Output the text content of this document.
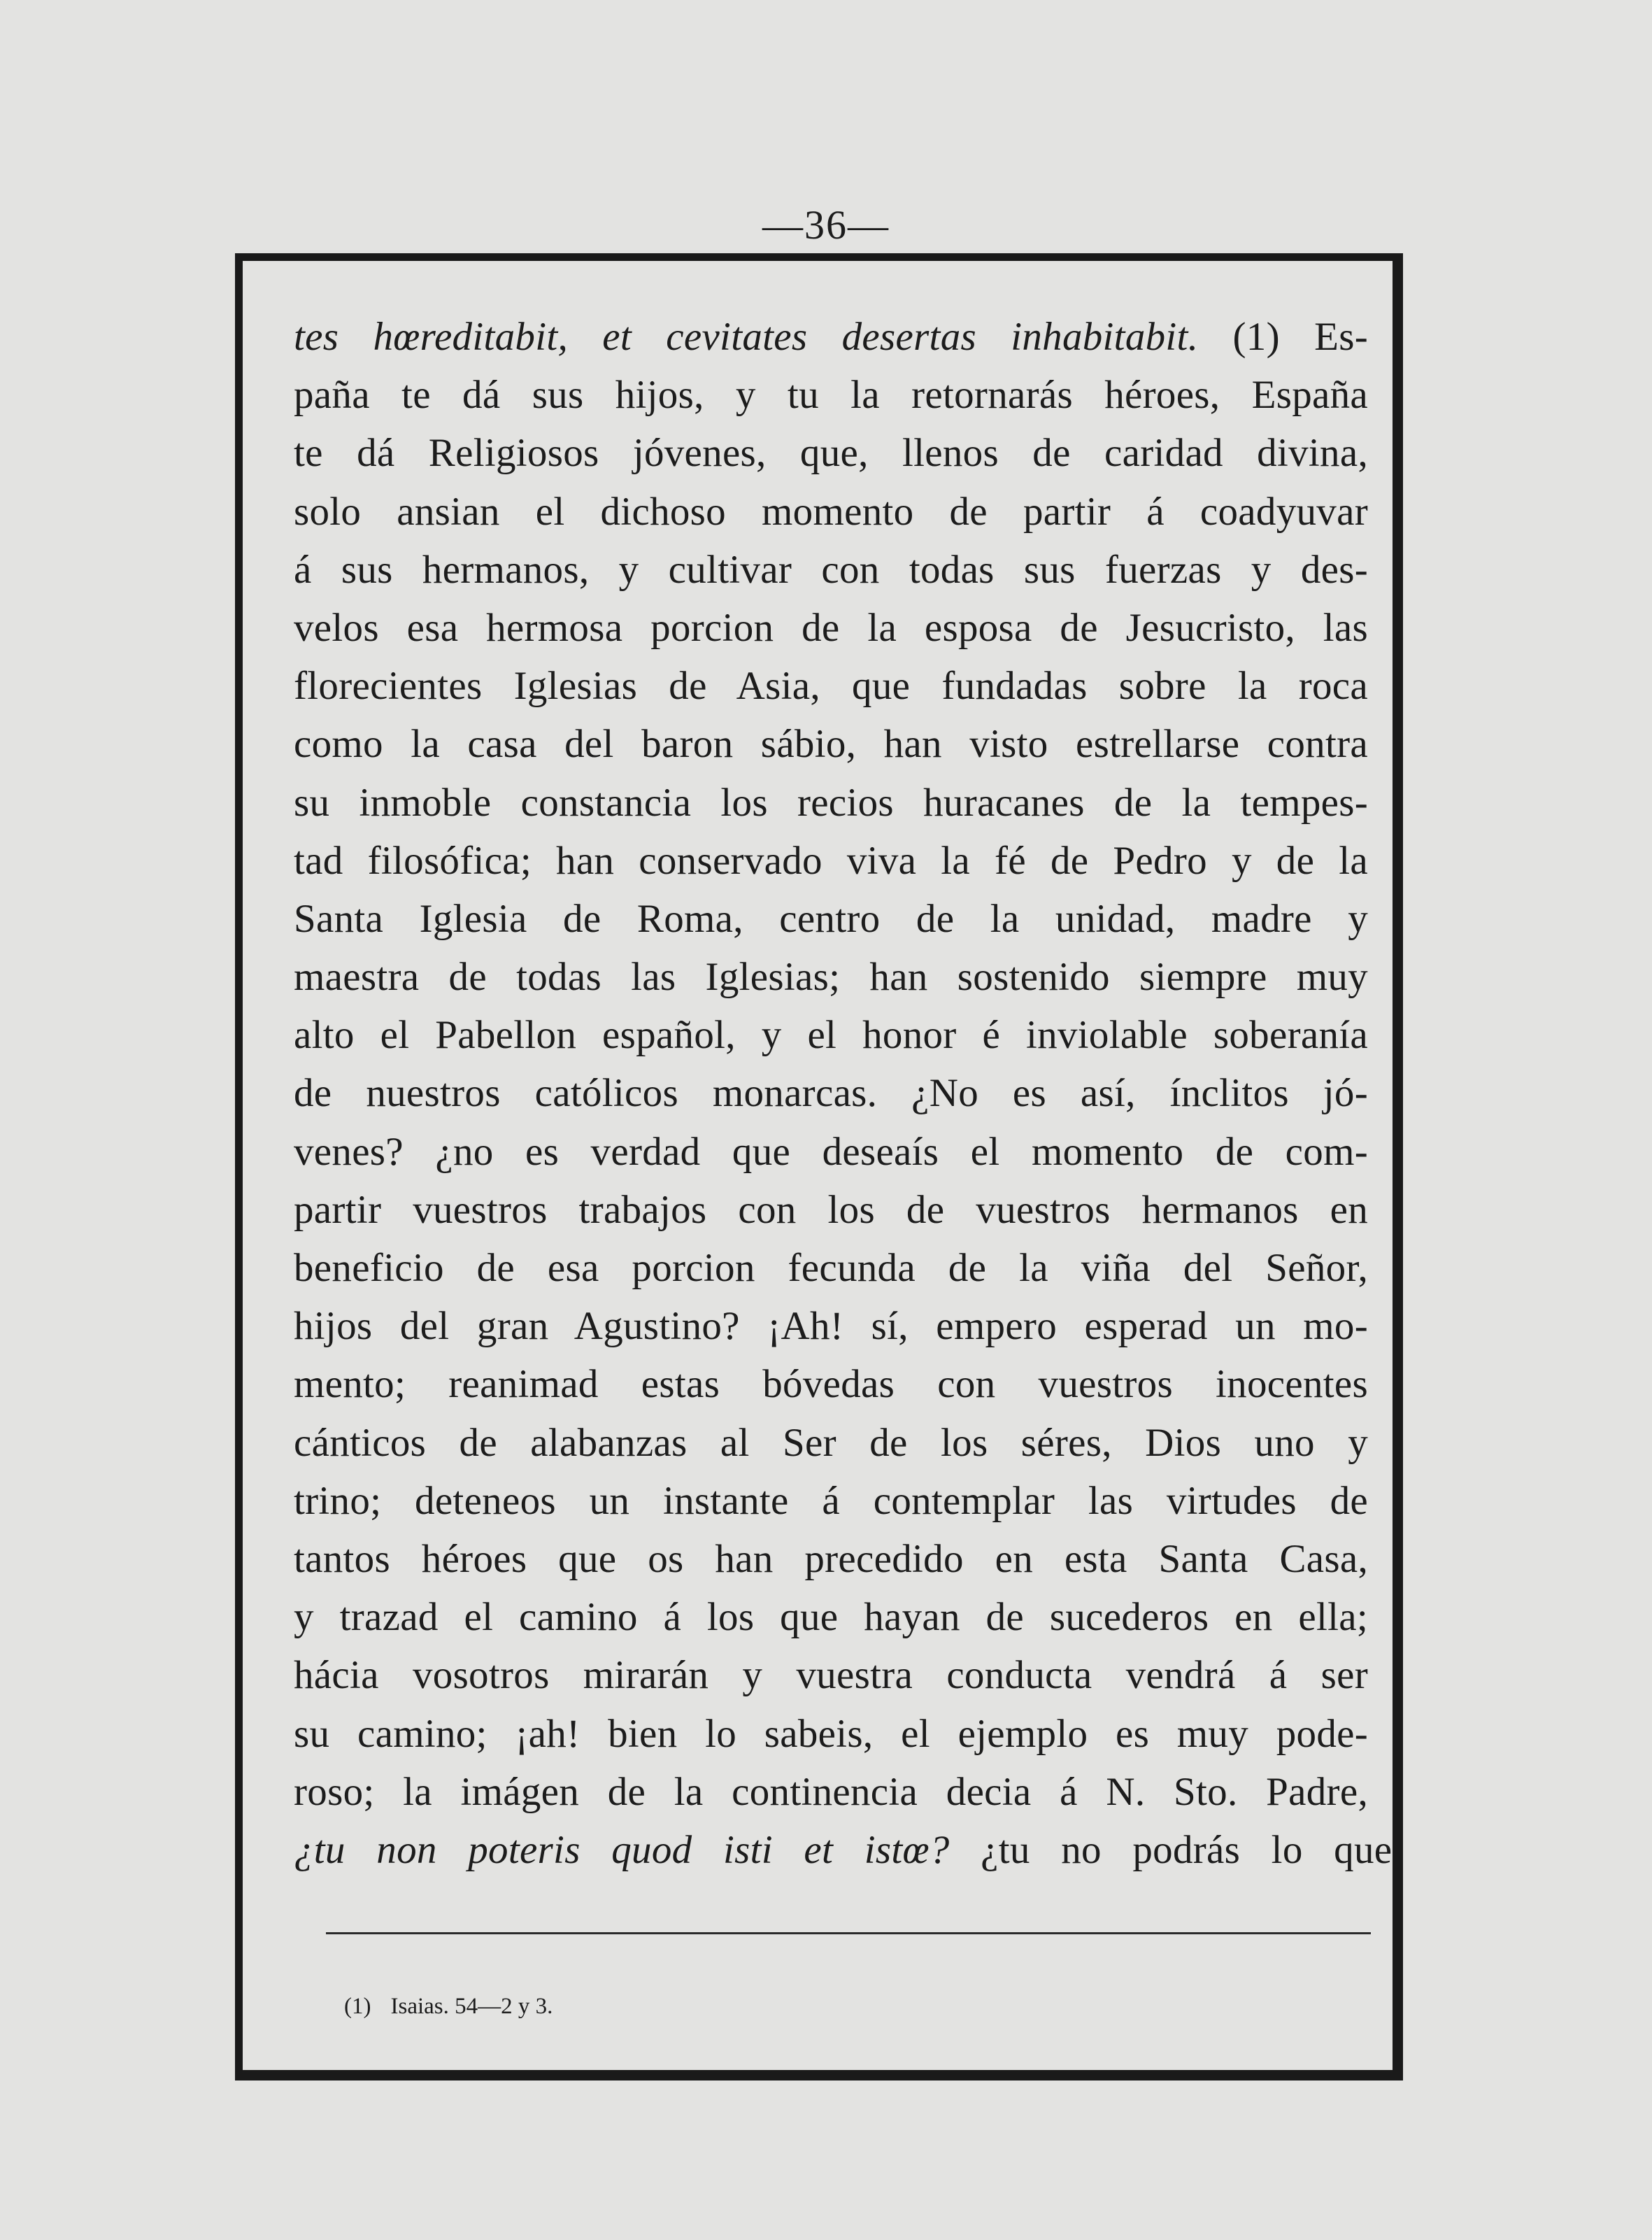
—36—
tes hœreditabit, et cevitates desertas inhabitabit. (1) Es-
paña te dá sus hijos, y tu la retornarás héroes, España
te dá Religiosos jóvenes, que, llenos de caridad divina,
solo ansian el dichoso momento de partir á coadyuvar
á sus hermanos, y cultivar con todas sus fuerzas y des-
velos esa hermosa porcion de la esposa de Jesucristo, las
florecientes Iglesias de Asia, que fundadas sobre la roca
como la casa del baron sábio, han visto estrellarse contra
su inmoble constancia los recios huracanes de la tempes-
tad filosófica; han conservado viva la fé de Pedro y de la
Santa Iglesia de Roma, centro de la unidad, madre y
maestra de todas las Iglesias; han sostenido siempre muy
alto el Pabellon español, y el honor é inviolable soberanía
de nuestros católicos monarcas. ¿No es así, ínclitos jó-
venes? ¿no es verdad que deseaís el momento de com-
partir vuestros trabajos con los de vuestros hermanos en
beneficio de esa porcion fecunda de la viña del Señor,
hijos del gran Agustino? ¡Ah! sí, empero esperad un mo-
mento; reanimad estas bóvedas con vuestros inocentes
cánticos de alabanzas al Ser de los séres, Dios uno y
trino; deteneos un instante á contemplar las virtudes de
tantos héroes que os han precedido en esta Santa Casa,
y trazad el camino á los que hayan de sucederos en ella;
hácia vosotros mirarán y vuestra conducta vendrá á ser
su camino; ¡ah! bien lo sabeis, el ejemplo es muy pode-
roso; la imágen de la continencia decia á N. Sto. Padre,
¿tu non poteris quod isti et istœ? ¿tu no podrás lo que
(1) Isaias. 54—2 y 3.
